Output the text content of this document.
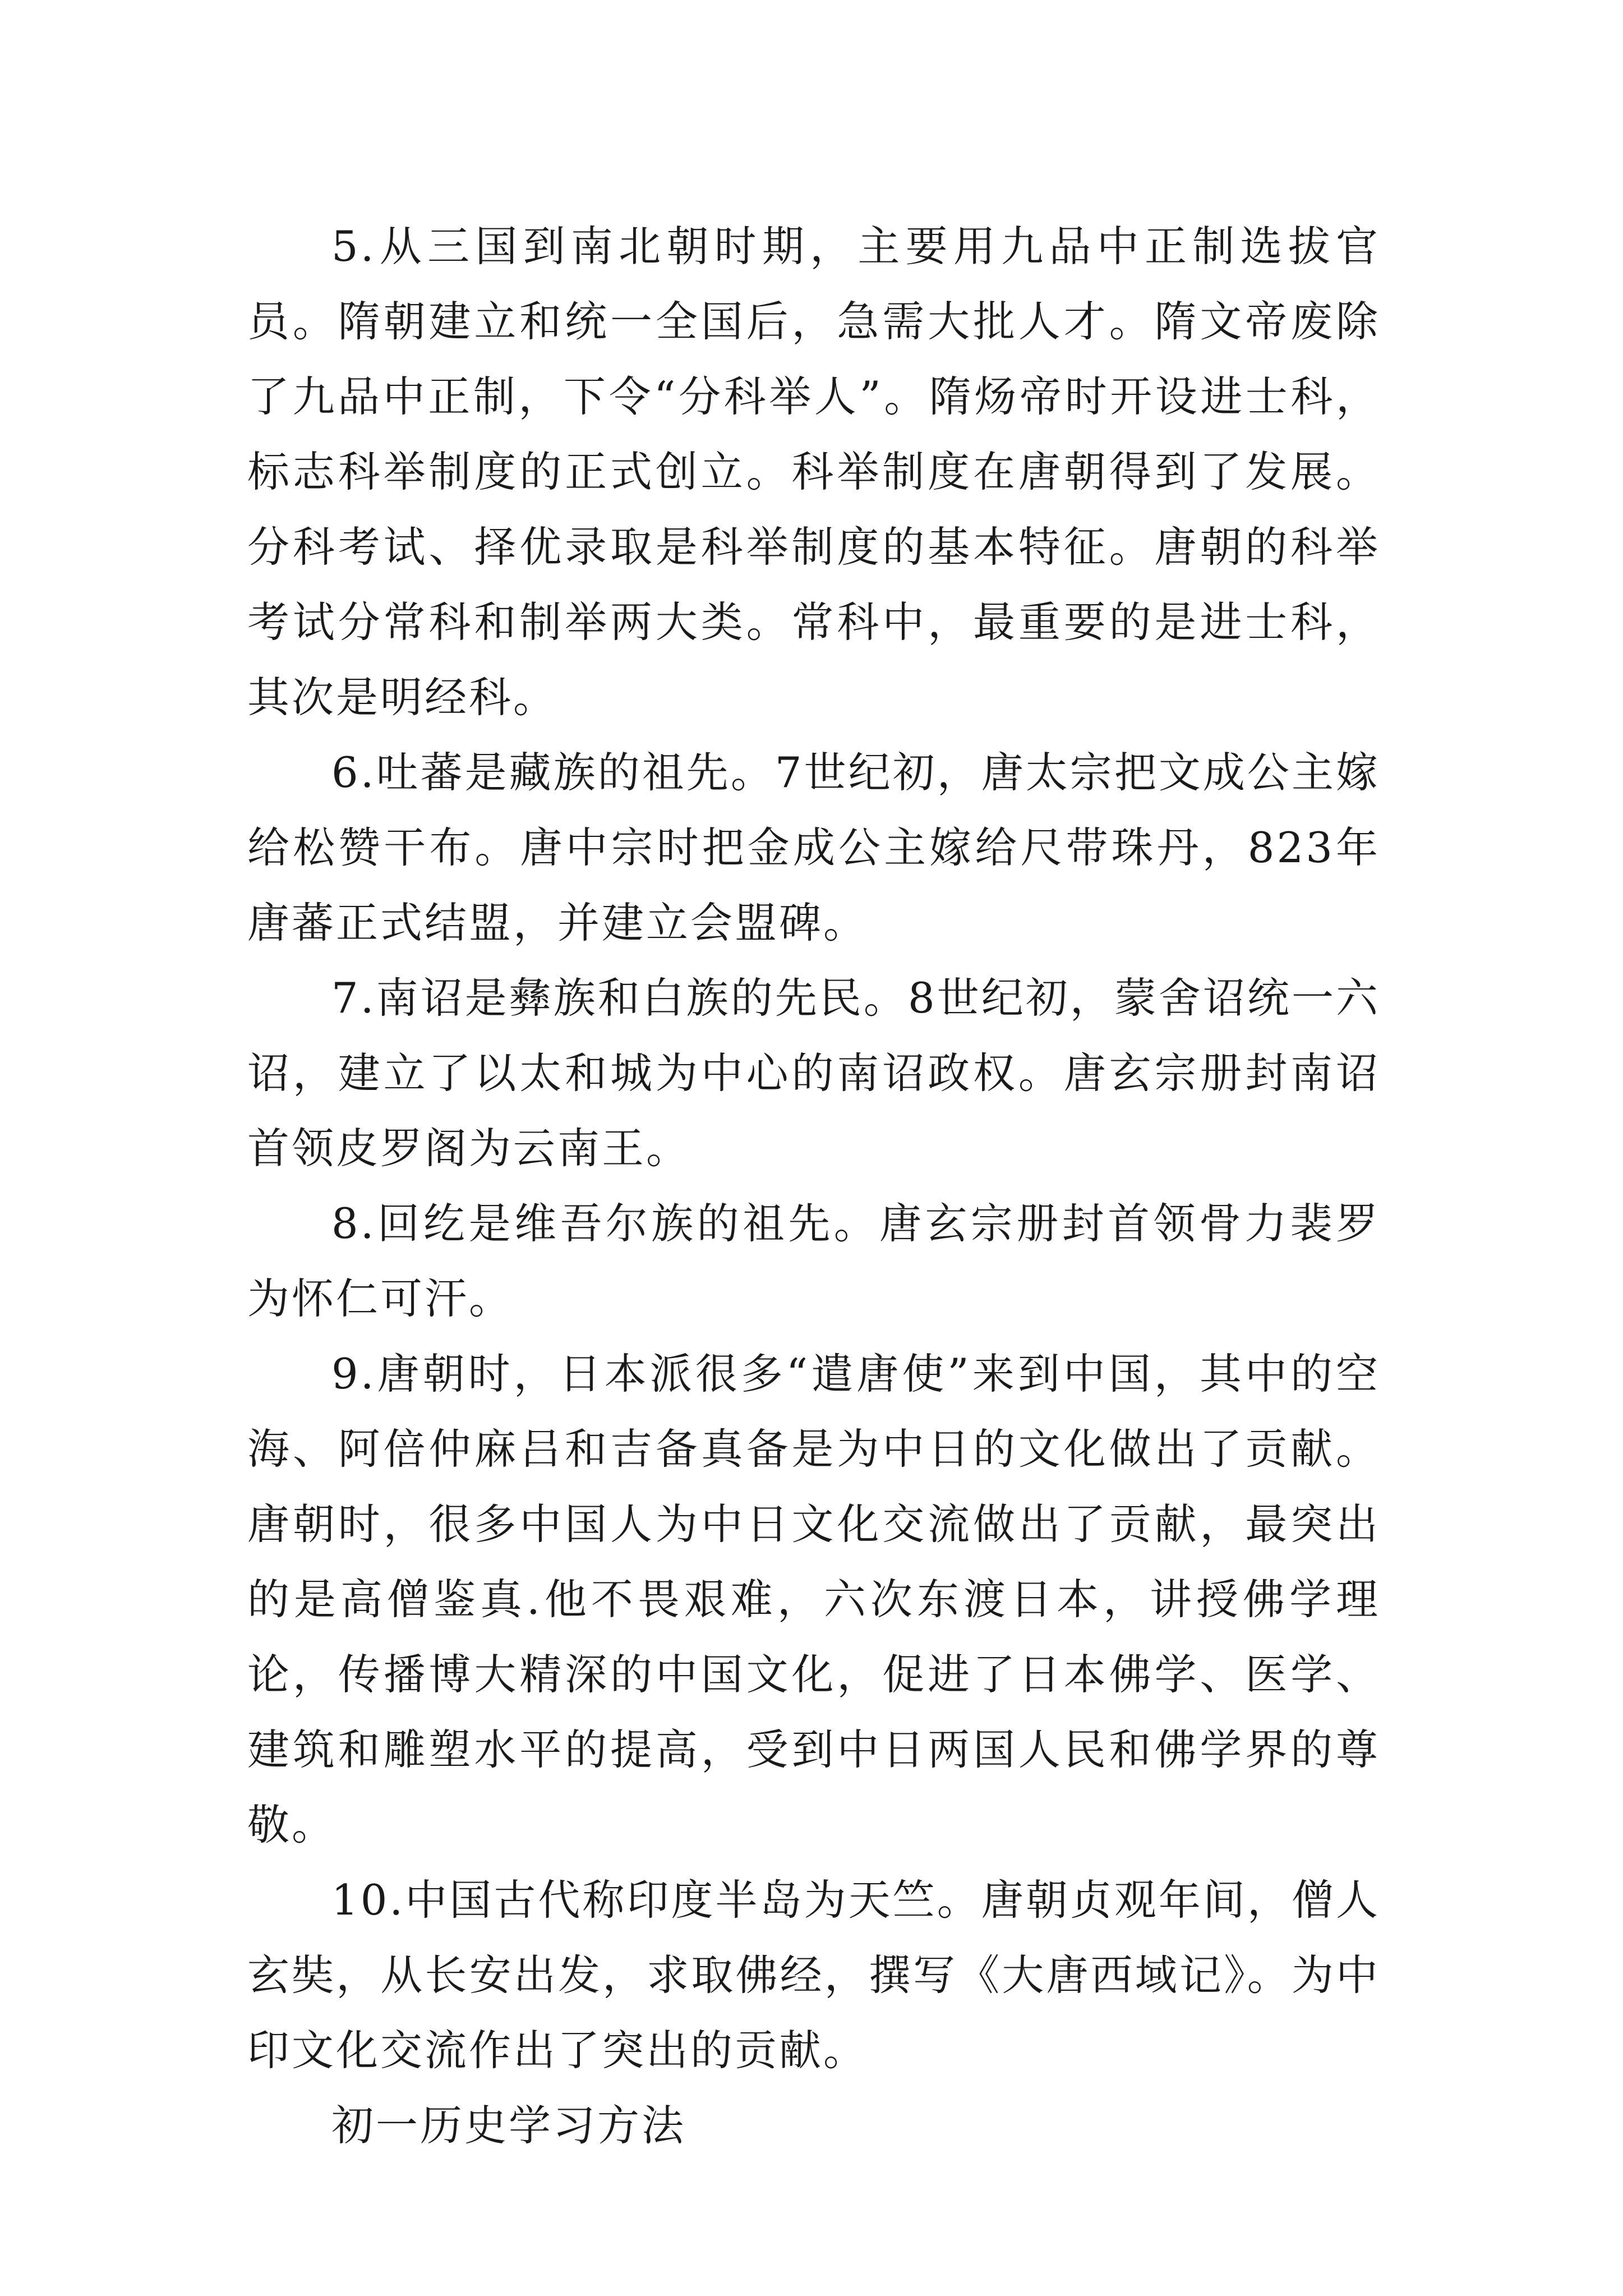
5.从三国到南北朝时期，主要用九品中正制选拔官员。隋朝建立和统一全国后，急需大批人才。隋文帝废除了九品中正制，下令“分科举人”。隋炀帝时开设进士科，标志科举制度的正式创立。科举制度在唐朝得到了发展。分科考试、择优录取是科举制度的基本特征。唐朝的科举考试分常科和制举两大类。常科中，最重要的是进士科，其次是明经科。

6.吐蕃是藏族的祖先。7世纪初，唐太宗把文成公主嫁给松赞干布。唐中宗时把金成公主嫁给尺带珠丹，823年唐蕃正式结盟，并建立会盟碑。

7.南诏是彝族和白族的先民。8世纪初，蒙舍诏统一六诏，建立了以太和城为中心的南诏政权。唐玄宗册封南诏首领皮罗阁为云南王。

8.回纥是维吾尔族的祖先。唐玄宗册封首领骨力裴罗为怀仁可汗。

9.唐朝时，日本派很多“遣唐使”来到中国，其中的空海、阿倍仲麻吕和吉备真备是为中日的文化做出了贡献。唐朝时，很多中国人为中日文化交流做出了贡献，最突出的是高僧鉴真.他不畏艰难，六次东渡日本，讲授佛学理论，传播博大精深的中国文化，促进了日本佛学、医学、建筑和雕塑水平的提高，受到中日两国人民和佛学界的尊敬。

10.中国古代称印度半岛为天竺。唐朝贞观年间，僧人玄奘，从长安出发，求取佛经，撰写《大唐西域记》。为中印文化交流作出了突出的贡献。

初一历史学习方法
